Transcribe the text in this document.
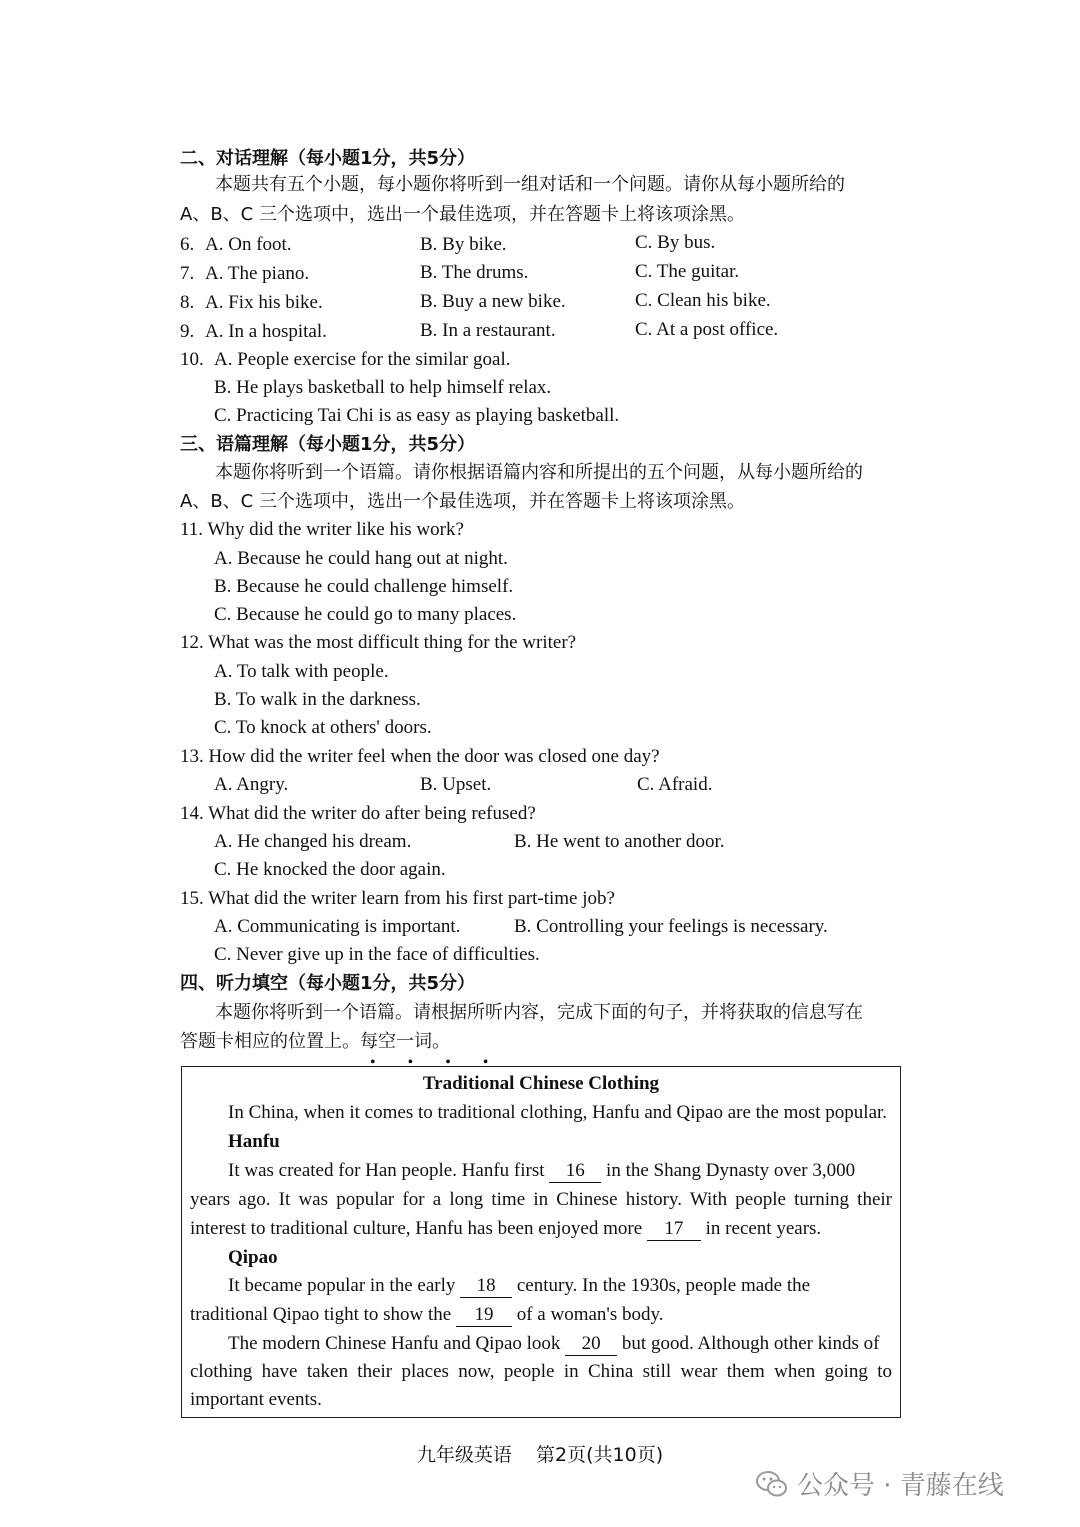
二、对话理解（每小题1分，共5分）
本题共有五个小题，每小题你将听到一组对话和一个问题。请你从每小题所给的
A、B、C 三个选项中，选出一个最佳选项，并在答题卡上将该项涂黑。
6. A. On foot.	B. By bike.	C. By bus.
7. A. The piano.	B. The drums.	C. The guitar.
8. A. Fix his bike.	B. Buy a new bike.	C. Clean his bike.
9. A. In a hospital.	B. In a restaurant.	C. At a post office.
10. A. People exercise for the similar goal.
B. He plays basketball to help himself relax.
C. Practicing Tai Chi is as easy as playing basketball.
三、语篇理解（每小题1分，共5分）
本题你将听到一个语篇。请你根据语篇内容和所提出的五个问题，从每小题所给的
A、B、C 三个选项中，选出一个最佳选项，并在答题卡上将该项涂黑。
11. Why did the writer like his work?
A. Because he could hang out at night.
B. Because he could challenge himself.
C. Because he could go to many places.
12. What was the most difficult thing for the writer?
A. To talk with people.
B. To walk in the darkness.
C. To knock at others' doors.
13. How did the writer feel when the door was closed one day?
A. Angry.	B. Upset.	C. Afraid.
14. What did the writer do after being refused?
A. He changed his dream.	B. He went to another door.
C. He knocked the door again.
15. What did the writer learn from his first part-time job?
A. Communicating is important.	B. Controlling your feelings is necessary.
C. Never give up in the face of difficulties.
四、听力填空（每小题1分，共5分）
本题你将听到一个语篇。请根据所听内容，完成下面的句子，并将获取的信息写在
答题卡相应的位置上。每空一词。
• • • •
Traditional Chinese Clothing
In China, when it comes to traditional clothing, Hanfu and Qipao are the most popular.
Hanfu
It was created for Han people. Hanfu first 16 in the Shang Dynasty over 3,000
years ago. It was popular for a long time in Chinese history. With people turning their
interest to traditional culture, Hanfu has been enjoyed more 17 in recent years.
Qipao
It became popular in the early 18 century. In the 1930s, people made the
traditional Qipao tight to show the 19 of a woman's body.
The modern Chinese Hanfu and Qipao look 20 but good. Although other kinds of
clothing have taken their places now, people in China still wear them when going to
important events.
九年级英语    第2页(共10页)
公众号 · 青藤在线
